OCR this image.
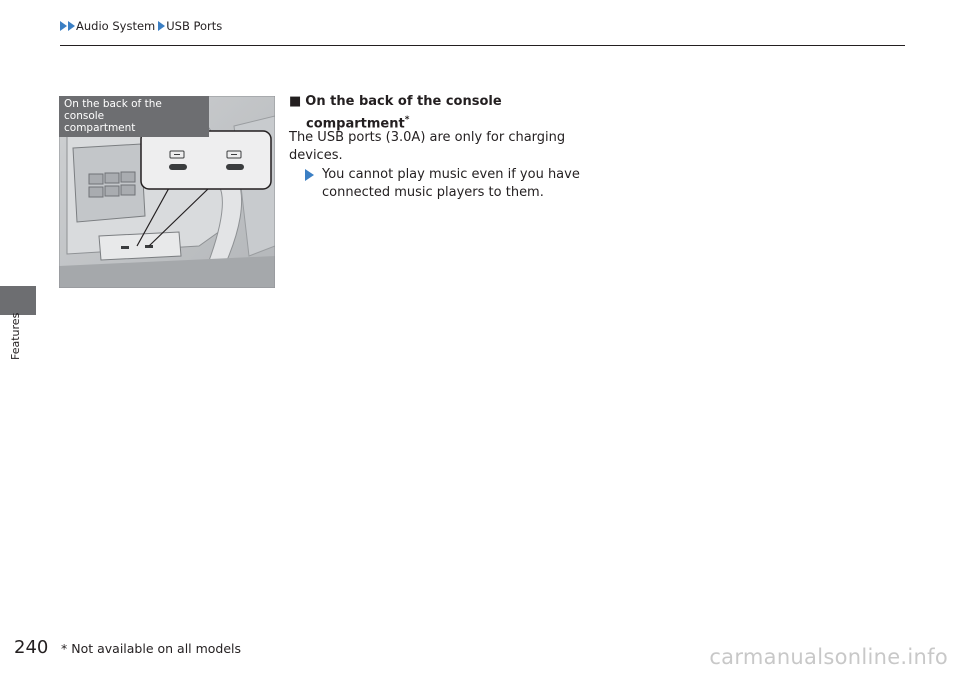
Audio System USB Ports
Features
On the back of the console
compartment
■ On the back of the console
compartment*
The USB ports (3.0A) are only for charging
devices.
You cannot play music even if you have
connected music players to them.
240 * Not available on all models	carmanualsonline.info
